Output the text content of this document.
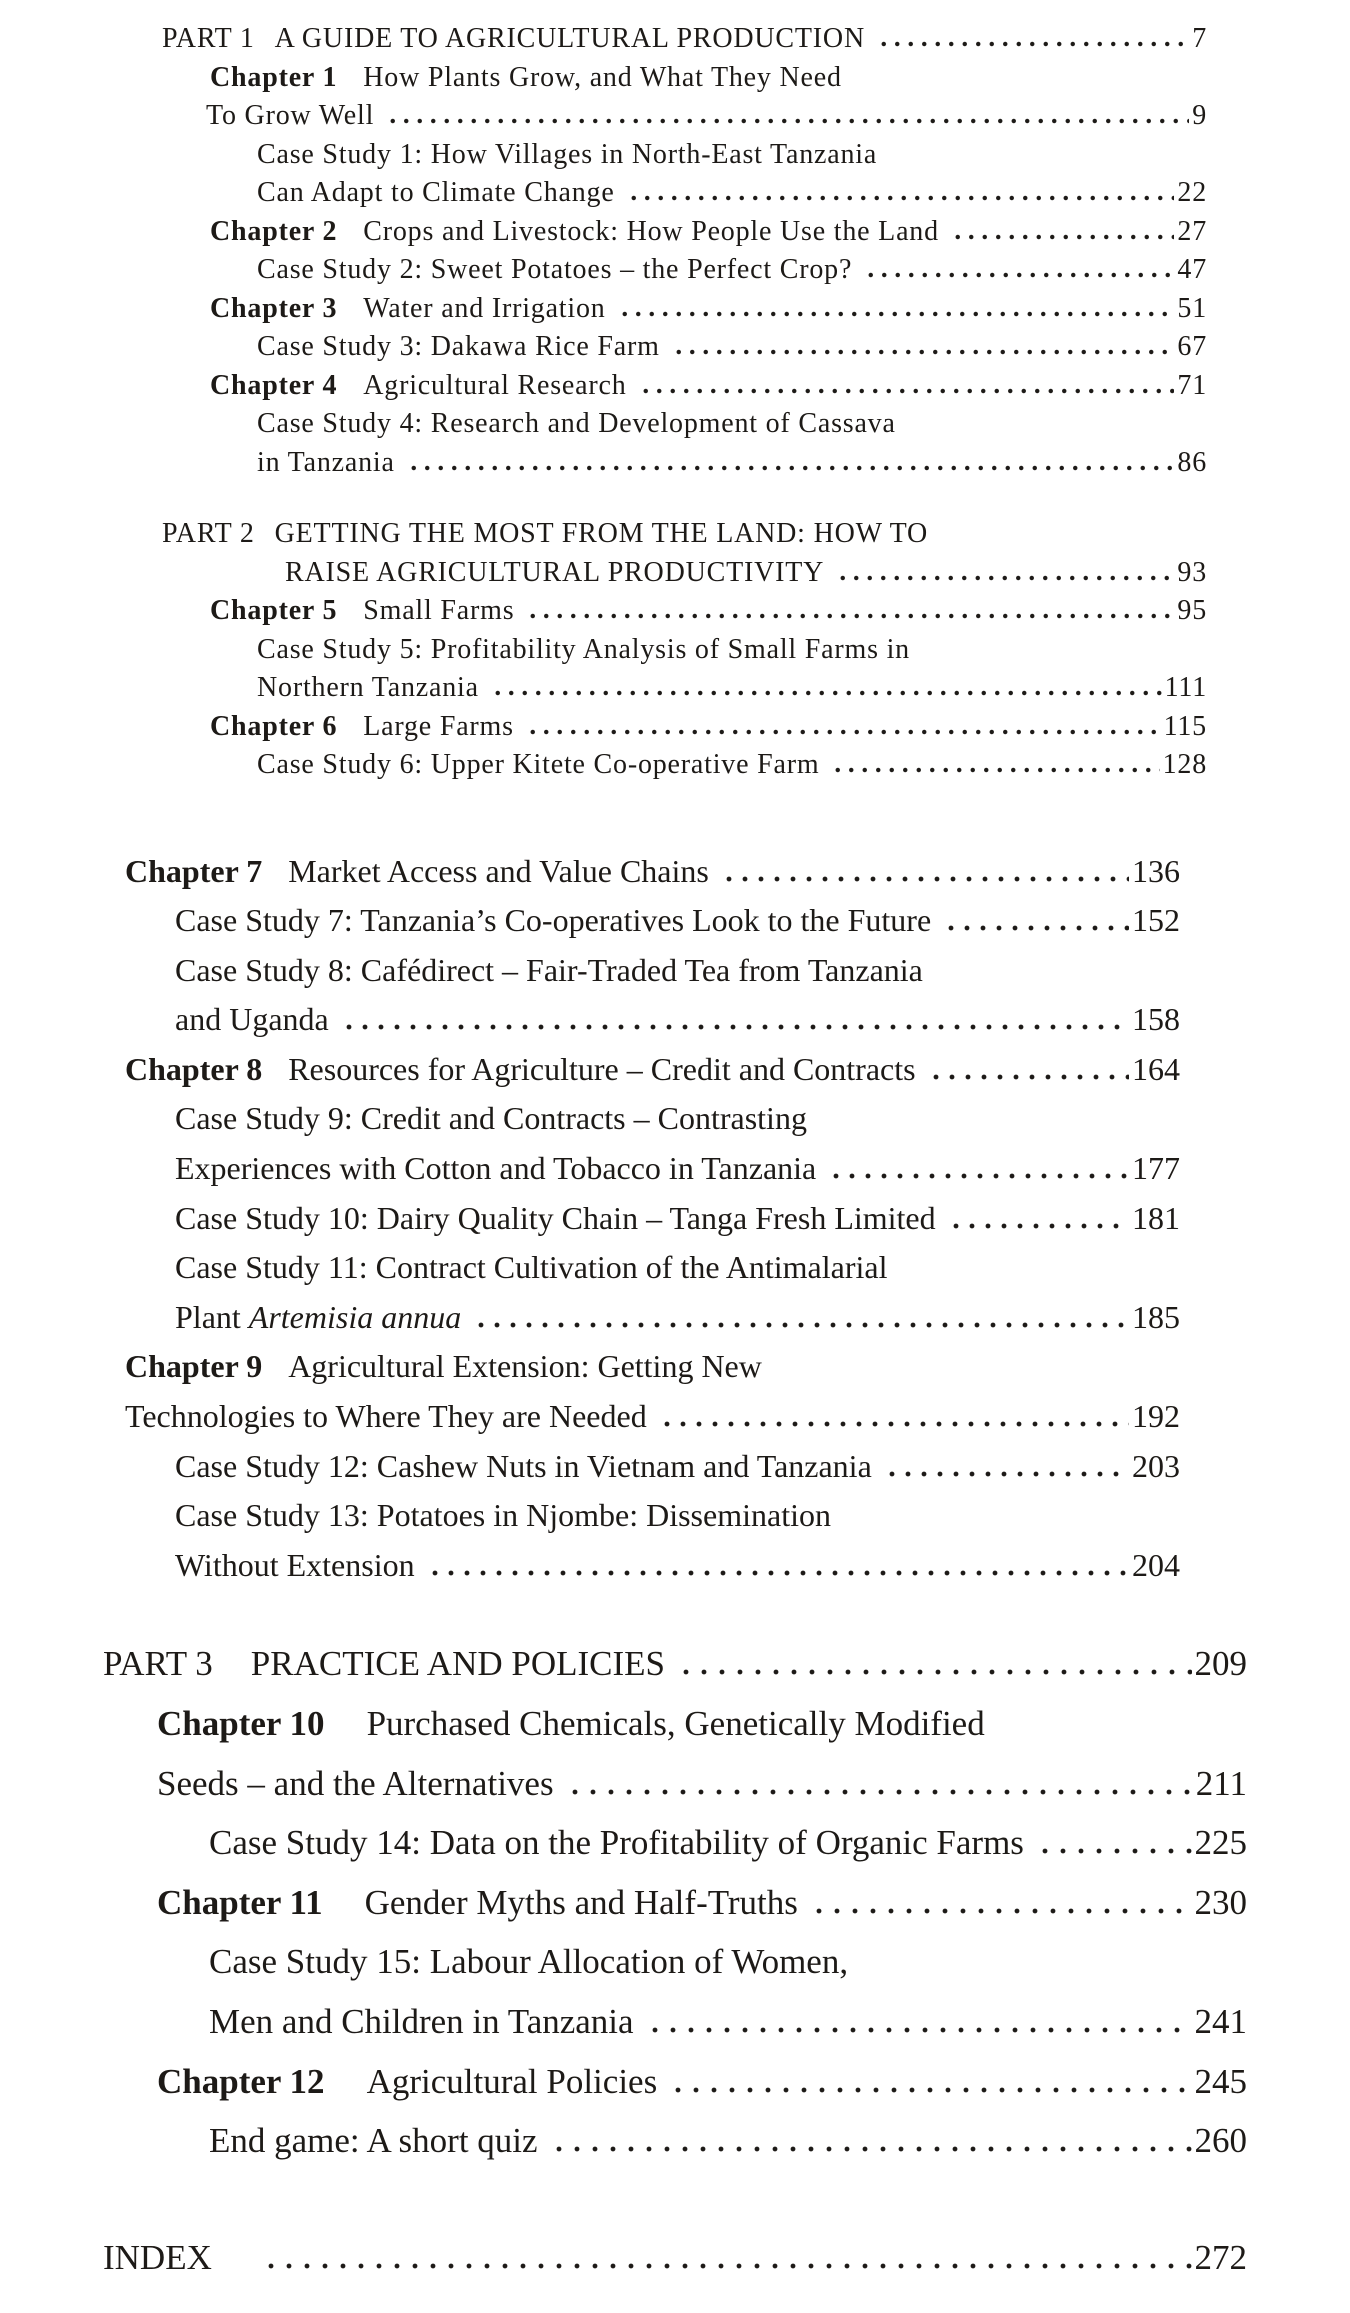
PART 1 A GUIDE TO AGRICULTURAL PRODUCTION	7
Chapter 1 How Plants Grow, and What They Need
To Grow Well	9
Case Study 1: How Villages in North-East Tanzania
Can Adapt to Climate Change	22
Chapter 2 Crops and Livestock: How People Use the Land	27
Case Study 2: Sweet Potatoes – the Perfect Crop?	47
Chapter 3 Water and Irrigation	51
Case Study 3: Dakawa Rice Farm	67
Chapter 4 Agricultural Research	71
Case Study 4: Research and Development of Cassava
in Tanzania	86
PART 2 GETTING THE MOST FROM THE LAND: HOW TO
RAISE AGRICULTURAL PRODUCTIVITY	93
Chapter 5 Small Farms	95
Case Study 5: Profitability Analysis of Small Farms in
Northern Tanzania	111
Chapter 6 Large Farms	115
Case Study 6: Upper Kitete Co-operative Farm	128
Chapter 7 Market Access and Value Chains	136
Case Study 7: Tanzania’s Co-operatives Look to the Future	152
Case Study 8: Cafédirect – Fair-Traded Tea from Tanzania
and Uganda	158
Chapter 8 Resources for Agriculture – Credit and Contracts	164
Case Study 9: Credit and Contracts – Contrasting
Experiences with Cotton and Tobacco in Tanzania	177
Case Study 10: Dairy Quality Chain – Tanga Fresh Limited	181
Case Study 11: Contract Cultivation of the Antimalarial
Plant Artemisia annua	185
Chapter 9 Agricultural Extension: Getting New
Technologies to Where They are Needed	192
Case Study 12: Cashew Nuts in Vietnam and Tanzania	203
Case Study 13: Potatoes in Njombe: Dissemination
Without Extension	204
PART 3 PRACTICE AND POLICIES	209
Chapter 10 Purchased Chemicals, Genetically Modified
Seeds – and the Alternatives	211
Case Study 14: Data on the Profitability of Organic Farms	225
Chapter 11 Gender Myths and Half-Truths	230
Case Study 15: Labour Allocation of Women,
Men and Children in Tanzania	241
Chapter 12 Agricultural Policies	245
End game: A short quiz	260
INDEX	272
